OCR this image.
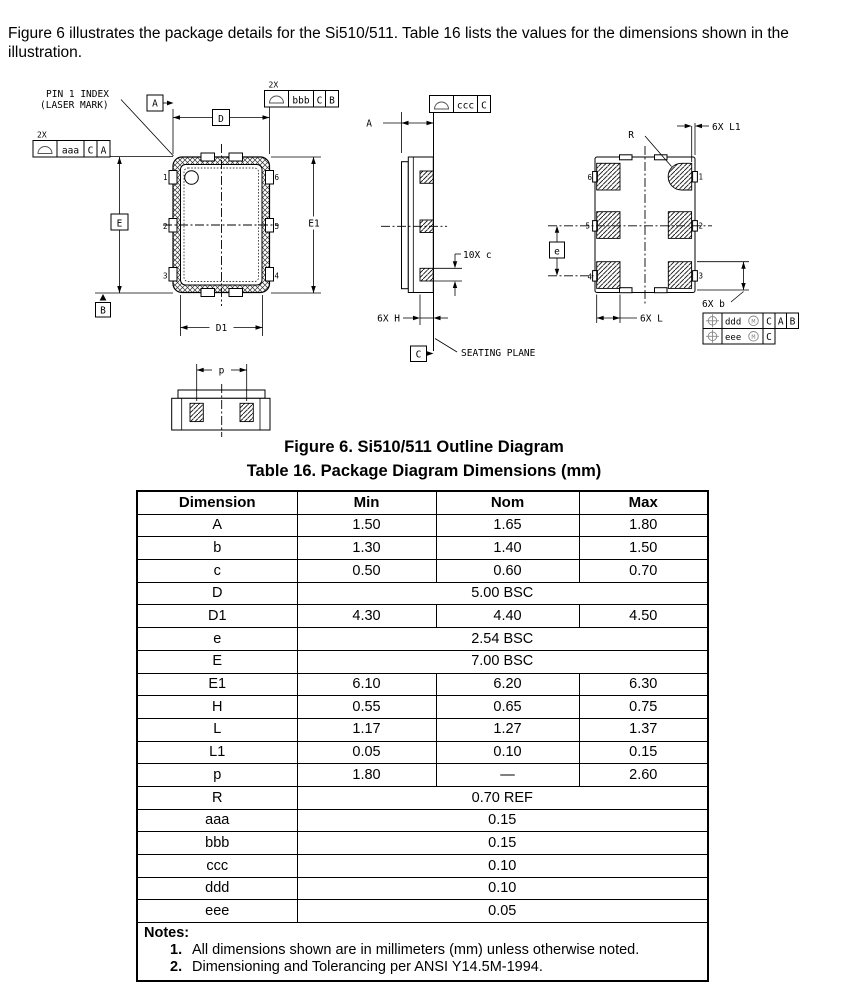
Figure 6 illustrates the package details for the Si510/511. Table 16 lists the values for the dimensions shown in the illustration.

PIN 1 INDEX
(LASER MARK)
D
A
2X
bbb C B
2X
aaa C A
E
B
E1
D1
1
2
3
6
5
4
ccc C
A
10X c
6X H
C	SEATING PLANE
R
6X L1
e
6X b
6X L	ddd M C A B
eee M C
6
5
4
1
2
3
p
Figure 6. Si510/511 Outline Diagram
Table 16. Package Diagram Dimensions (mm)
Dimension	Min	Nom	Max
A	1.50	1.65	1.80
b	1.30	1.40	1.50
c	0.50	0.60	0.70
D	5.00 BSC		
D1	4.30	4.40	4.50
e	2.54 BSC		
E	7.00 BSC		
E1	6.10	6.20	6.30
H	0.55	0.65	0.75
L	1.17	1.27	1.37
L1	0.05	0.10	0.15
p	1.80	—	2.60
R	0.70 REF		
aaa	0.15		
bbb	0.15		
ccc	0.10		
ddd	0.10		
eee	0.05		

Notes:
1. All dimensions shown are in millimeters (mm) unless otherwise noted.
2. Dimensioning and Tolerancing per ANSI Y14.5M-1994.			
